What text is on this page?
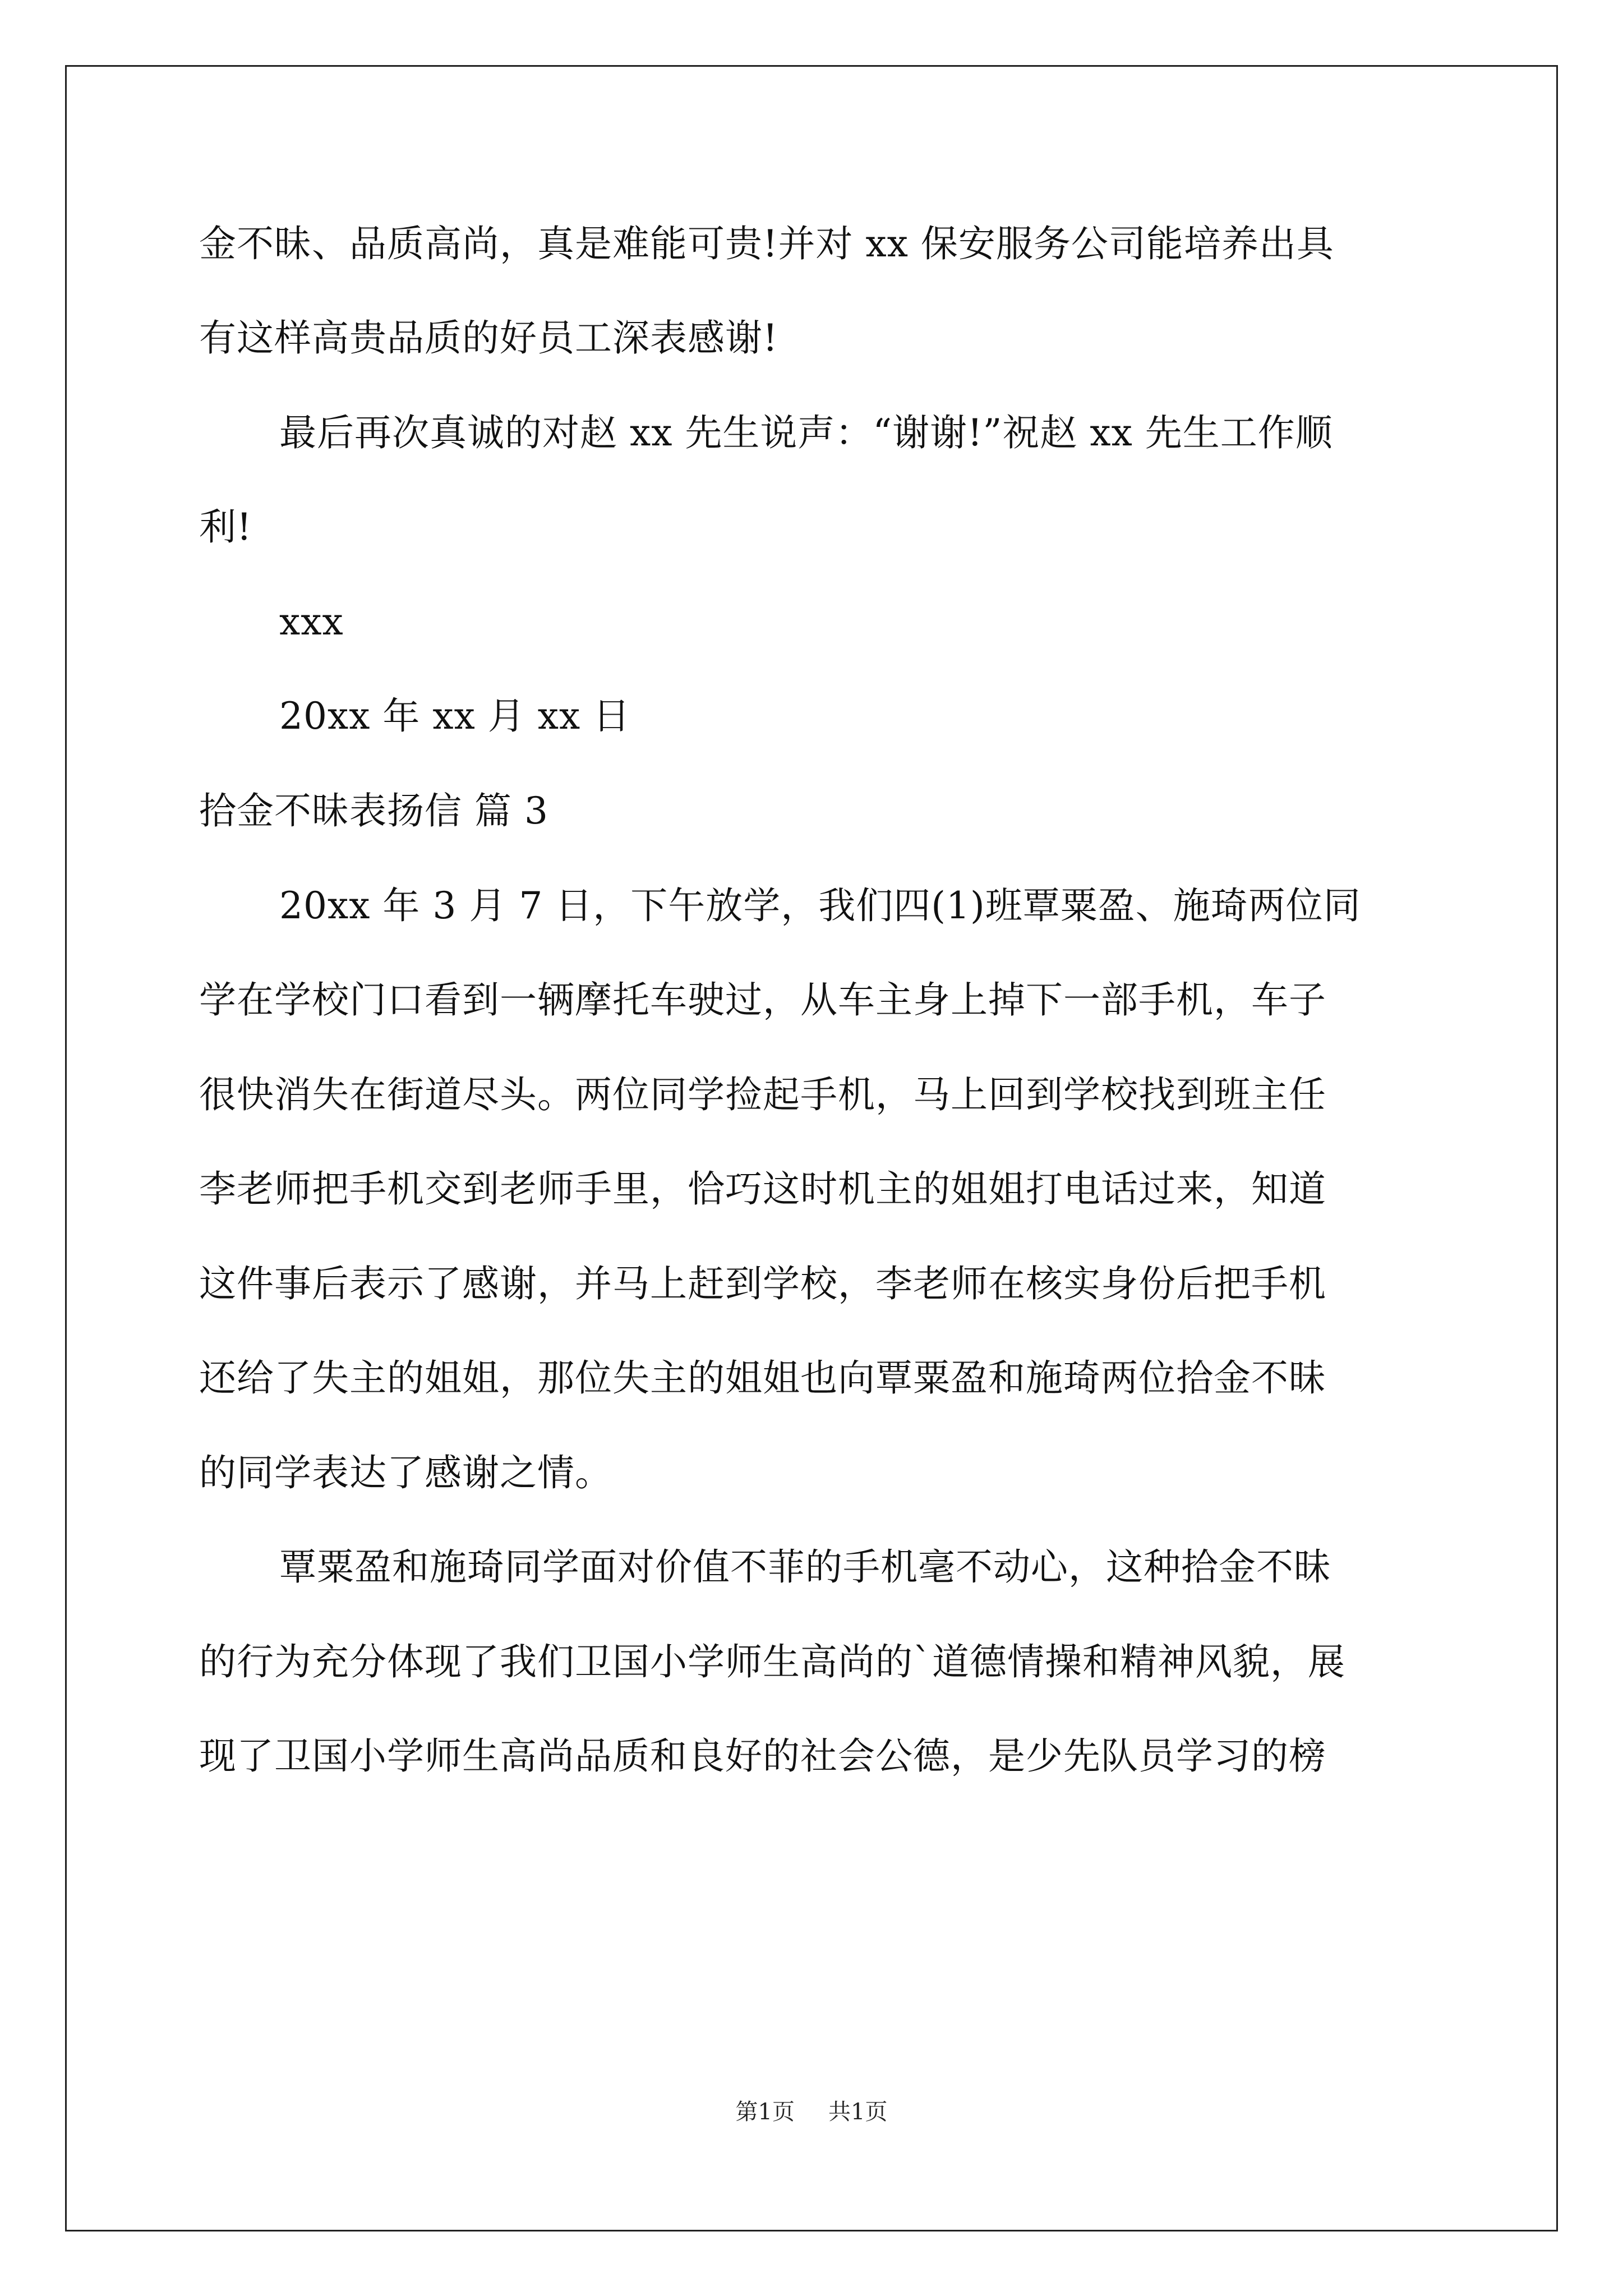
金不昧、品质高尚，真是难能可贵!并对 xx 保安服务公司能培养出具
有这样高贵品质的好员工深表感谢!
最后再次真诚的对赵 xx 先生说声：“谢谢!”祝赵 xx 先生工作顺
利!
xxx
20xx 年 xx 月 xx 日
拾金不昧表扬信 篇 3
20xx 年 3 月 7 日，下午放学，我们四(1)班覃粟盈、施琦两位同
学在学校门口看到一辆摩托车驶过，从车主身上掉下一部手机，车子
很快消失在街道尽头。两位同学捡起手机，马上回到学校找到班主任
李老师把手机交到老师手里，恰巧这时机主的姐姐打电话过来，知道
这件事后表示了感谢，并马上赶到学校，李老师在核实身份后把手机
还给了失主的姐姐，那位失主的姐姐也向覃粟盈和施琦两位拾金不昧
的同学表达了感谢之情。
覃粟盈和施琦同学面对价值不菲的手机毫不动心，这种拾金不昧
的行为充分体现了我们卫国小学师生高尚的`道德情操和精神风貌，展
现了卫国小学师生高尚品质和良好的社会公德，是少先队员学习的榜
第1页 共1页
